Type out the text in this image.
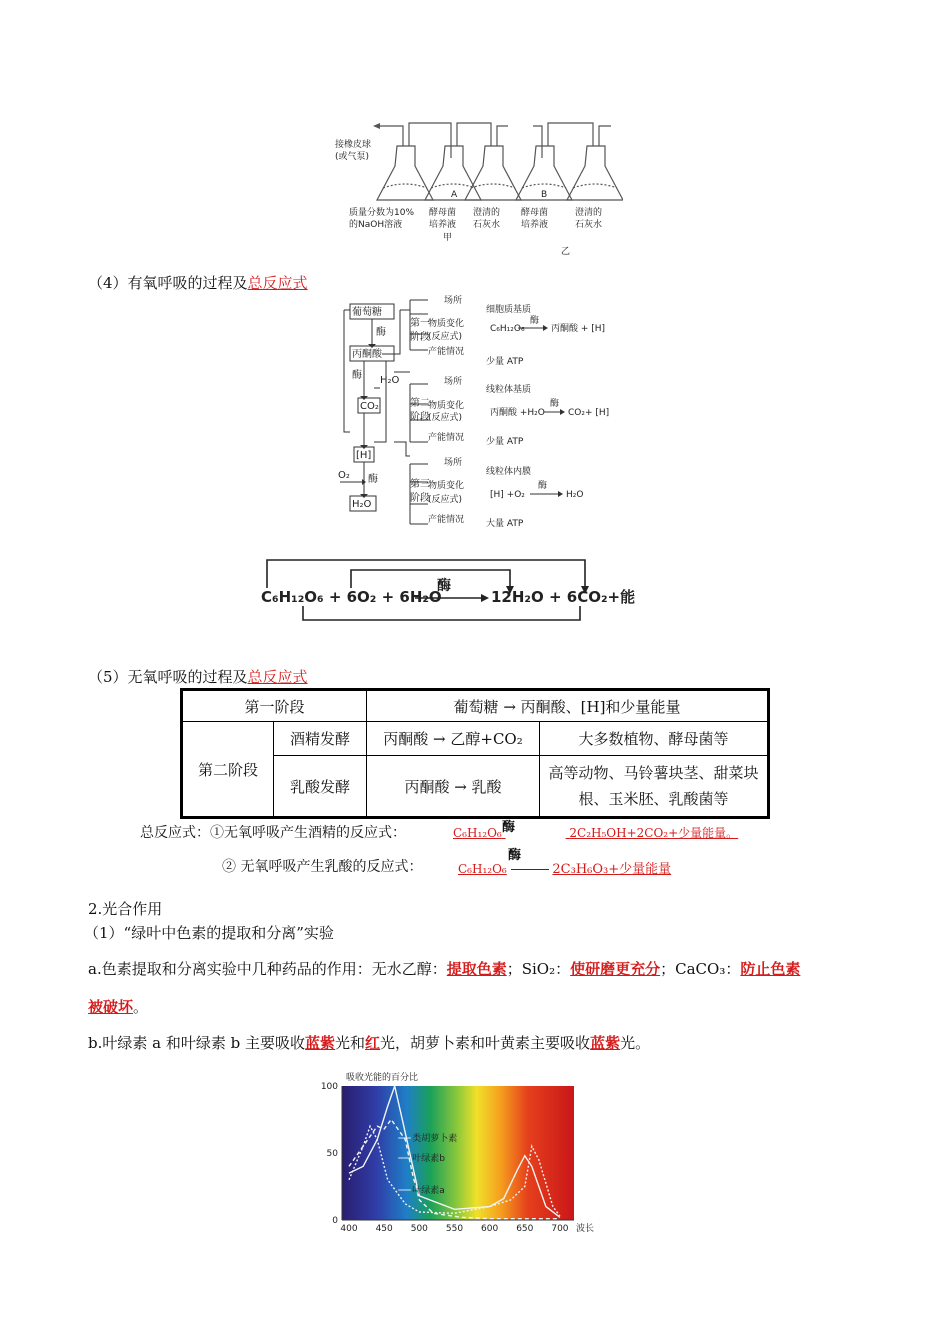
接橡皮球
(或气泵)
A	B
质量分数为10%
的NaOH溶液
酵母菌
培养液
澄清的
石灰水
酵母菌
培养液
澄清的
石灰水
甲
乙
（4）有氧呼吸的过程及总反应式
葡萄糖
酶
丙酮酸
酶 H₂O
CO₂
[H]
O₂ 酶
H₂O
第一
阶段
第二
阶段
第三
阶段
场所
细胞质基质
物质变化
(反应式)
C₆H₁₂O₆
酶
丙酮酸 + [H]
产能情况
少量 ATP
场所
线粒体基质
物质变化
(反应式)	丙酮酸 +H₂O
酶
CO₂+ [H]
产能情况 少量 ATP
场所
线粒体内膜
物质变化
(反应式)	[H] +O₂
酶
H₂O
产能情况 大量 ATP
C₆H₁₂O₆ + 6O₂ + 6H₂O
酶
12H₂O + 6CO₂+能量
（5）无氧呼吸的过程及总反应式
第一阶段		葡萄糖 → 丙酮酸、[H]和少量能量	
第二阶段	酒精发酵	丙酮酸 → 乙醇+CO₂	大多数植物、酵母菌等
	乳酸发酵	丙酮酸 → 乳酸	高等动物、马铃薯块茎、甜菜块
根、玉米胚、乳酸菌等
总反应式：①无氧呼吸产生酒精的反应式：	C₆H₁₂O₆	2C₂H₅OH+2CO₂+少量能量。
酶
② 无氧呼吸产生乳酸的反应式：	C₆H₁₂O₆	2C₃H₆O₃+少量能量
酶
2.光合作用
（1）“绿叶中色素的提取和分离”实验
a.色素提取和分离实验中几种药品的作用：无水乙醇：提取色素；SiO₂：使研磨更充分；CaCO₃：防止色素
被破坏。
b.叶绿素 a 和叶绿素 b 主要吸收蓝紫光和红光，胡萝卜素和叶黄素主要吸收蓝紫光。
100
50
0
400 450 500 550 600 650 700 波长
类胡萝卜素
叶绿素b
叶绿素a
吸收光能的百分比
